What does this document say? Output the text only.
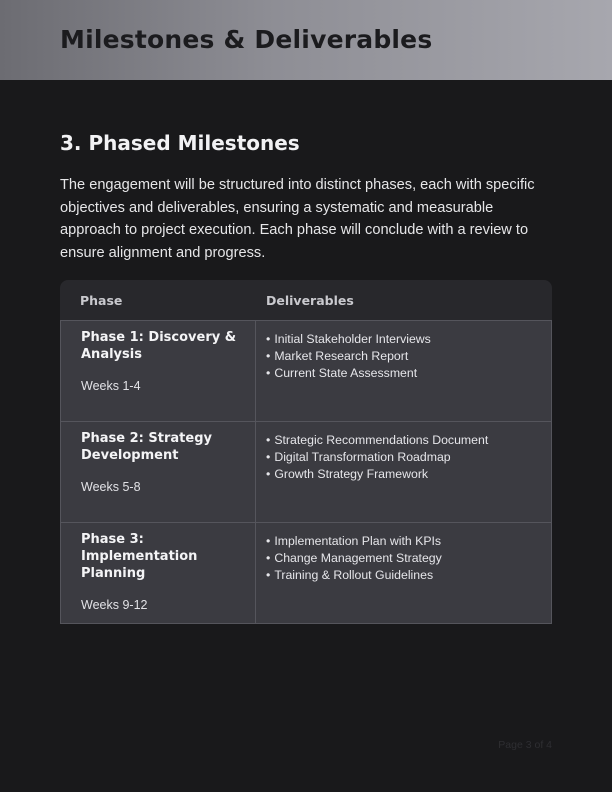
Milestones & Deliverables
3. Phased Milestones

The engagement will be structured into distinct phases, each with specific objectives and deliverables, ensuring a systematic and measurable approach to project execution. Each phase will conclude with a review to ensure alignment and progress.

Phase	Deliverables

Phase 1: Discovery & Analysis

Weeks 1-4

• Initial Stakeholder Interviews
• Market Research Report
• Current State Assessment

Phase 2: Strategy Development

Weeks 5-8

• Strategic Recommendations Document
• Digital Transformation Roadmap
• Growth Strategy Framework

Phase 3: Implementation Planning

Weeks 9-12

• Implementation Plan with KPIs
• Change Management Strategy
• Training & Rollout Guidelines
Page 3 of 4
